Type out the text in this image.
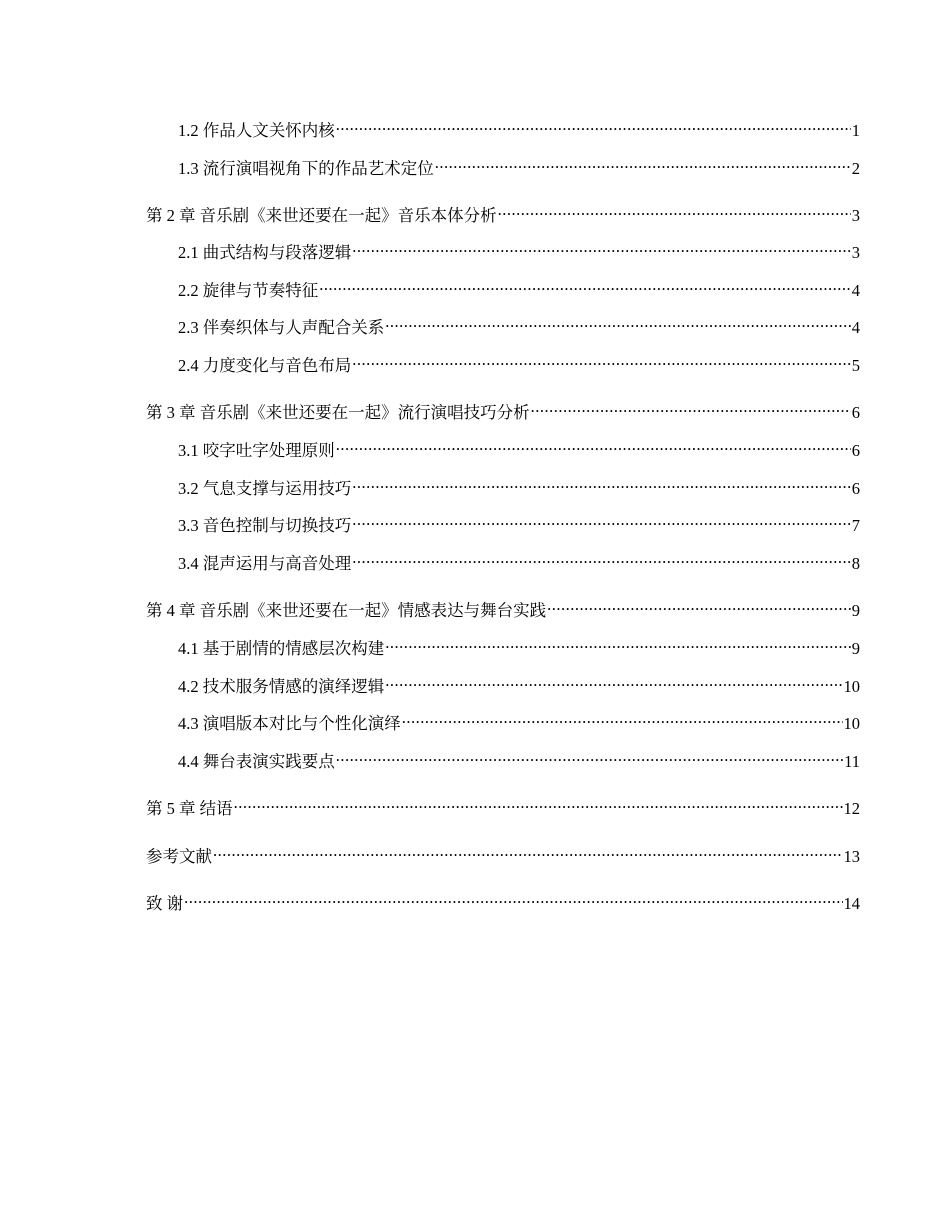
1.2 作品人文关怀内核 .....	1
1.3 流行演唱视角下的作品艺术定位 .....	2
第 2 章 音乐剧《来世还要在一起》音乐本体分析 .....	3
2.1 曲式结构与段落逻辑 .....	3
2.2 旋律与节奏特征 .....	4
2.3 伴奏织体与人声配合关系 .....	4
2.4 力度变化与音色布局 .....	5
第 3 章 音乐剧《来世还要在一起》流行演唱技巧分析 .....	6
3.1 咬字吐字处理原则 .....	6
3.2 气息支撑与运用技巧 .....	6
3.3 音色控制与切换技巧 .....	7
3.4 混声运用与高音处理 .....	8
第 4 章 音乐剧《来世还要在一起》情感表达与舞台实践 .....	9
4.1 基于剧情的情感层次构建 .....	9
4.2 技术服务情感的演绎逻辑 .....	10
4.3 演唱版本对比与个性化演绎 .....	10
4.4 舞台表演实践要点 .....	11
第 5 章 结语 .....	12
参考文献 .....	13
致 谢 .....	14
